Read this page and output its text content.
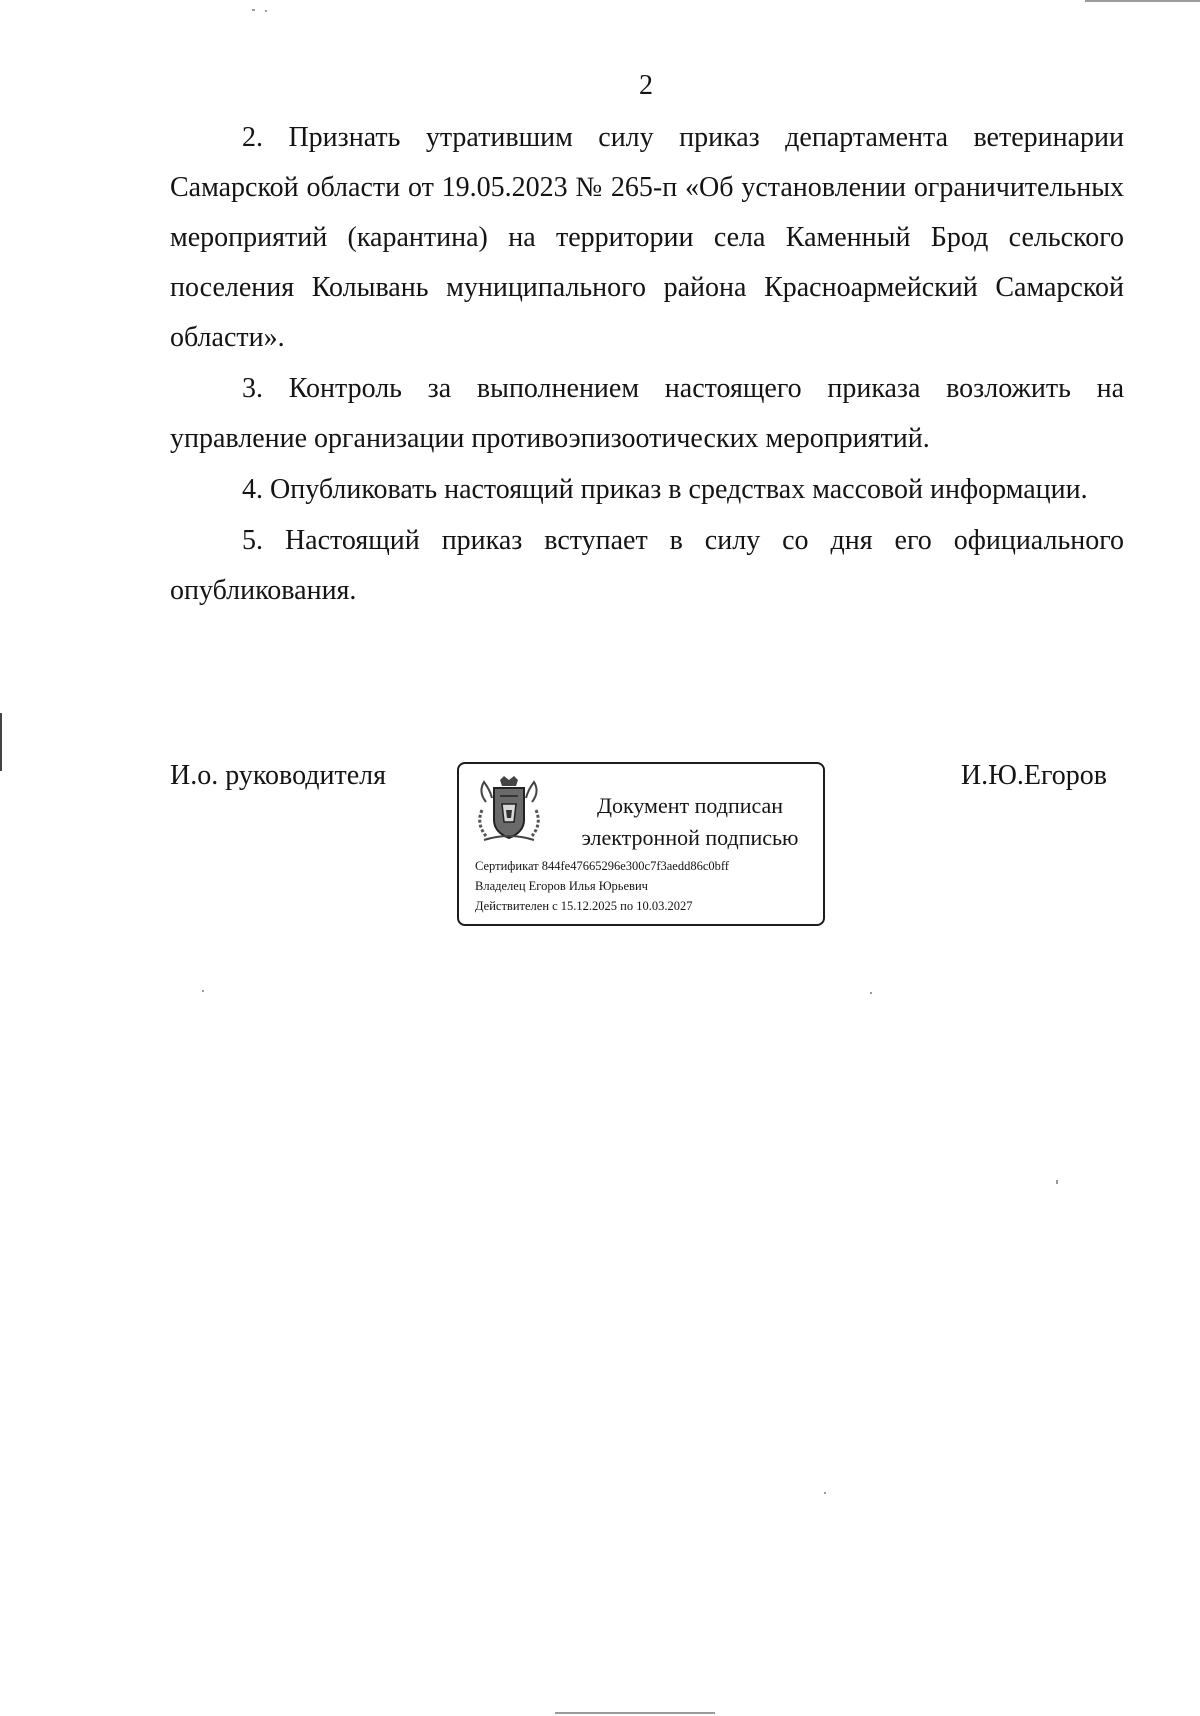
2

2. Признать утратившим силу приказ департамента ветеринарии Самарской области от 19.05.2023 № 265-п «Об установлении ограничительных мероприятий (карантина) на территории села Каменный Брод сельского поселения Колывань муниципального района Красноармейский Самарской области».

3. Контроль за выполнением настоящего приказа возложить на управление организации противоэпизоотических мероприятий.

4. Опубликовать настоящий приказ в средствах массовой информации.

5. Настоящий приказ вступает в силу со дня его официального опубликования.

И.о. руководителя	И.Ю.Егоров
Документ подписан
электронной подписью
Сертификат 844fe47665296e300c7f3aedd86c0bff
Владелец Егоров Илья Юрьевич
Действителен с 15.12.2025 по 10.03.2027
